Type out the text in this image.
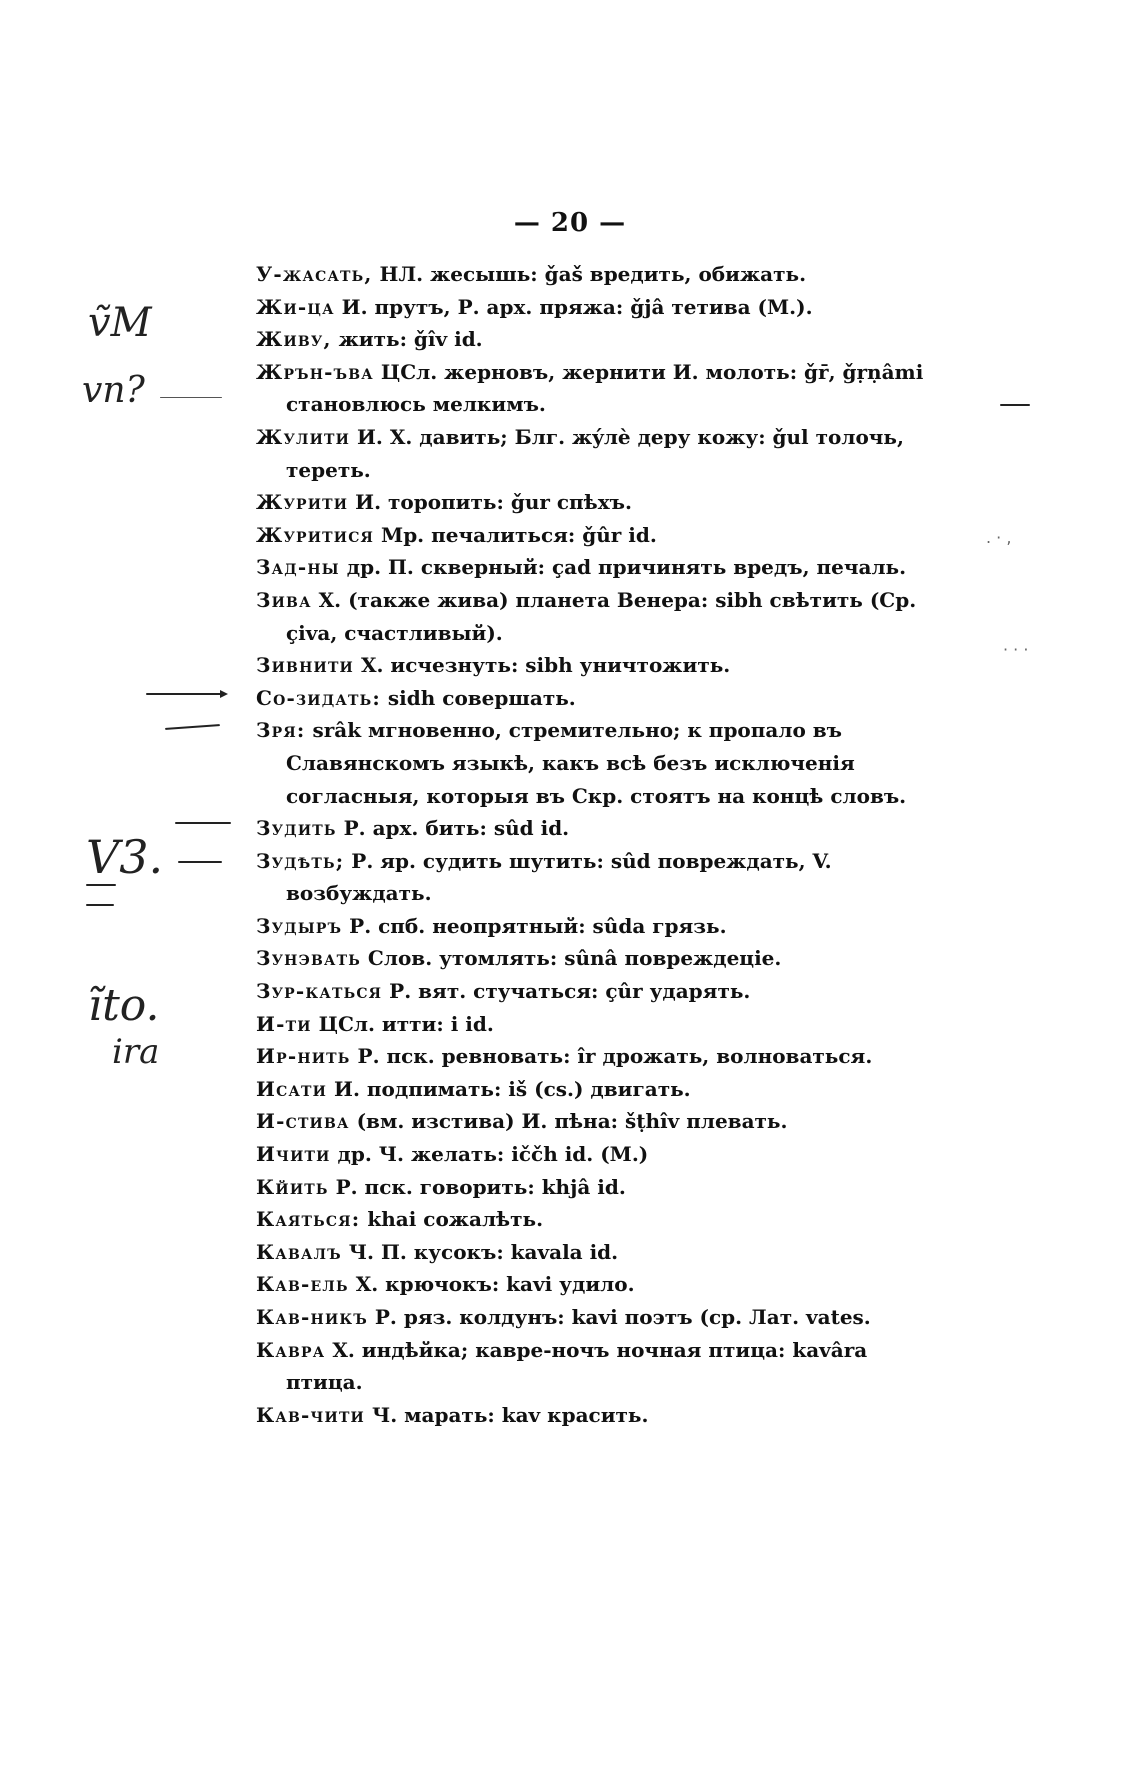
— 20 —
У-жасать, НЛ. жесышь: ǧaš вредить, обижать.
Жи-ца И. прутъ, Р. арх. пряжа: ǧjâ тетива (М.).
Живу, жить: ǧîv id.
Жрън-ъва ЦСл. жерновъ, жернити И. молоть: ǧr̄, ǧṛṇâmi становлюсь мелкимъ.
Жулити И. Х. давить; Блг. жýлѐ деру кожу: ǧul толочь, тереть.
Журити И. торопить: ǧur спѣхъ.
Журитися Мр. печалиться: ǧûr id.
Зад-ны др. П. скверный: çad причинять вредъ, печаль.
Зива Х. (также жива) планета Венера: sibh свѣтить (Ср. çiva, счастливый).
Зивнити Х. исчезнуть: sibh уничтожить.
Со-зидать: sidh совершать.
Зря: srâk мгновенно, стремительно; к пропало въ Славянскомъ языкѣ, какъ всѣ безъ исключенія согласныя, которыя въ Скр. стоятъ на концѣ словъ.
Зудить Р. арх. бить: sûd id.
Зудѣть; Р. яр. судить шутить: sûd повреждать, V. возбуждать.
Зудыръ Р. спб. неопрятный: sûda грязь.
Зунэвать Слов. утомлять: sûnâ повреждеціе.
Зур-каться Р. вят. стучаться: çûr ударять.
И-ти ЦСл. итти: i id.
Ир-нить Р. пск. ревновать: îr дрожать, волноваться.
Исати И. подпимать: iš (cs.) двигать.
И-стива (вм. изстива) И. пѣна: šṭhîv плевать.
Ичити др. Ч. желать: iččh id. (М.)
Кйить Р. пск. говорить: khjâ id.
Каяться: khai сожалѣть.
Кавалъ Ч. П. кусокъ: kavala id.
Кав-ель Х. крючокъ: kavi удило.
Кав-никъ Р. ряз. колдунъ: kavi поэтъ (ср. Лат. vates.
Кавра Х. индѣйка; кавре-ночъ ночная птица: kavâra птица.
Кав-чити Ч. марать: kav красить.
ṽM
vn?
V3.
ĩto.
ira
. · ,
· · ·
